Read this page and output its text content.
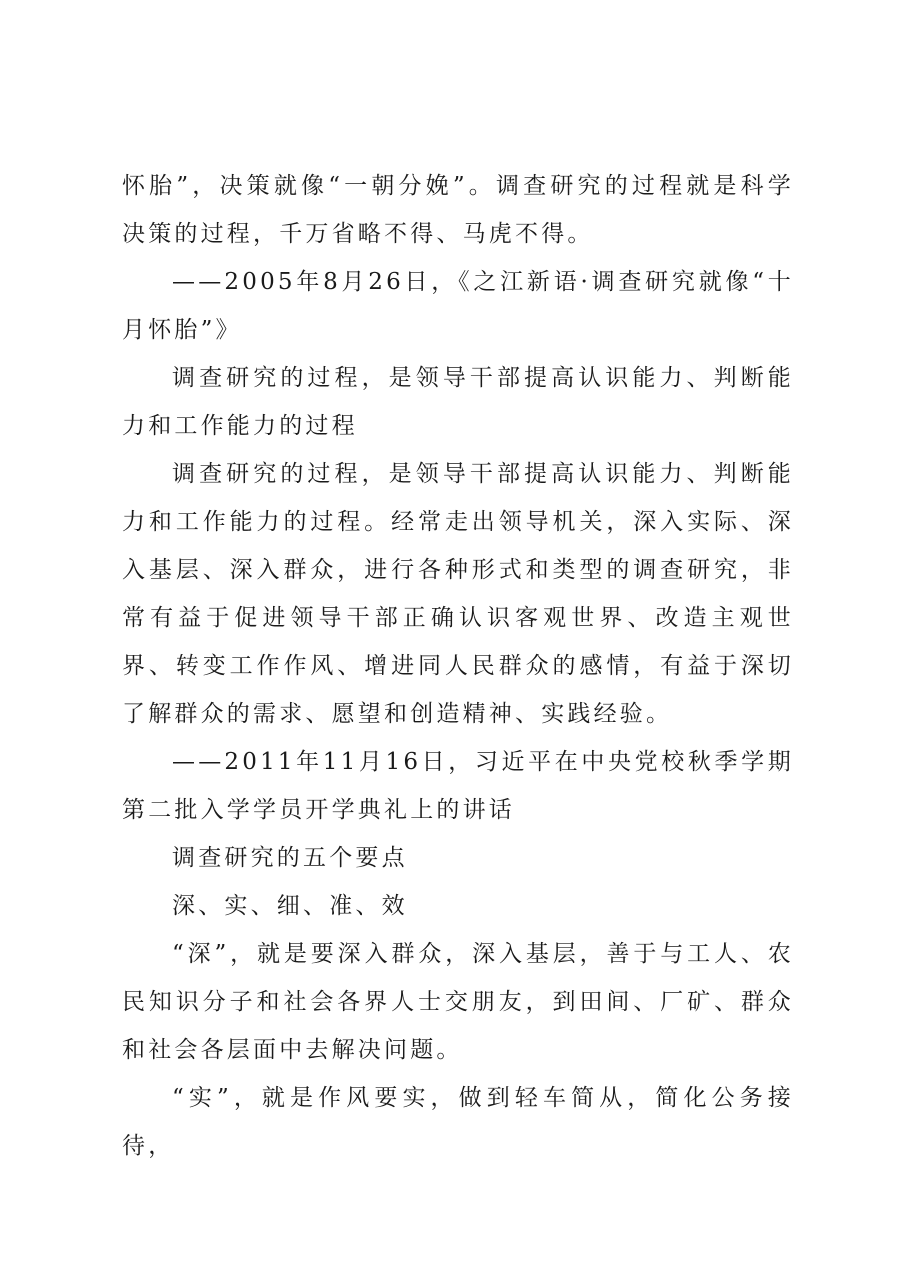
怀胎”，决策就像“一朝分娩”。调查研究的过程就是科学决策的过程，千万省略不得、马虎不得。

——2005年8月26日，《之江新语·调查研究就像“十月怀胎”》

调查研究的过程，是领导干部提高认识能力、判断能力和工作能力的过程

调查研究的过程，是领导干部提高认识能力、判断能力和工作能力的过程。经常走出领导机关，深入实际、深入基层、深入群众，进行各种形式和类型的调查研究，非常有益于促进领导干部正确认识客观世界、改造主观世界、转变工作作风、增进同人民群众的感情，有益于深切了解群众的需求、愿望和创造精神、实践经验。

——2011年11月16日，习近平在中央党校秋季学期第二批入学学员开学典礼上的讲话

调查研究的五个要点

深、实、细、准、效

“深”，就是要深入群众，深入基层，善于与工人、农民知识分子和社会各界人士交朋友，到田间、厂矿、群众和社会各层面中去解决问题。

“实”，就是作风要实，做到轻车简从，简化公务接待，
